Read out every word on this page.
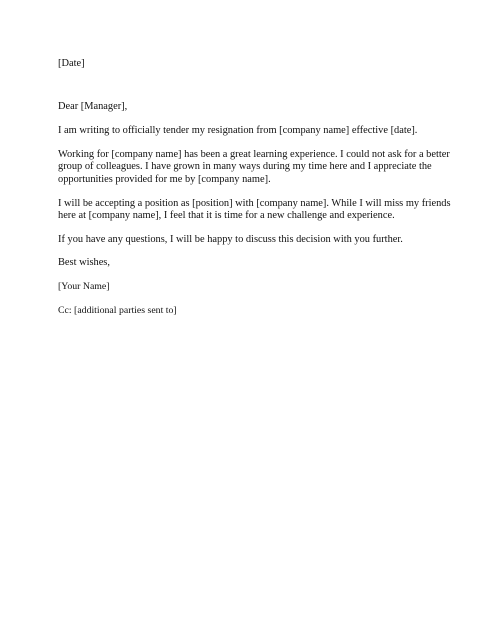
[Date]

Dear [Manager],

I am writing to officially tender my resignation from [company name] effective [date].

Working for [company name] has been a great learning experience. I could not ask for a better

group of colleagues. I have grown in many ways during my time here and I appreciate the

opportunities provided for me by [company name].

I will be accepting a position as [position] with [company name]. While I will miss my friends

here at [company name], I feel that it is time for a new challenge and experience.

If you have any questions, I will be happy to discuss this decision with you further.

Best wishes,

[Your Name]

Cc: [additional parties sent to]
